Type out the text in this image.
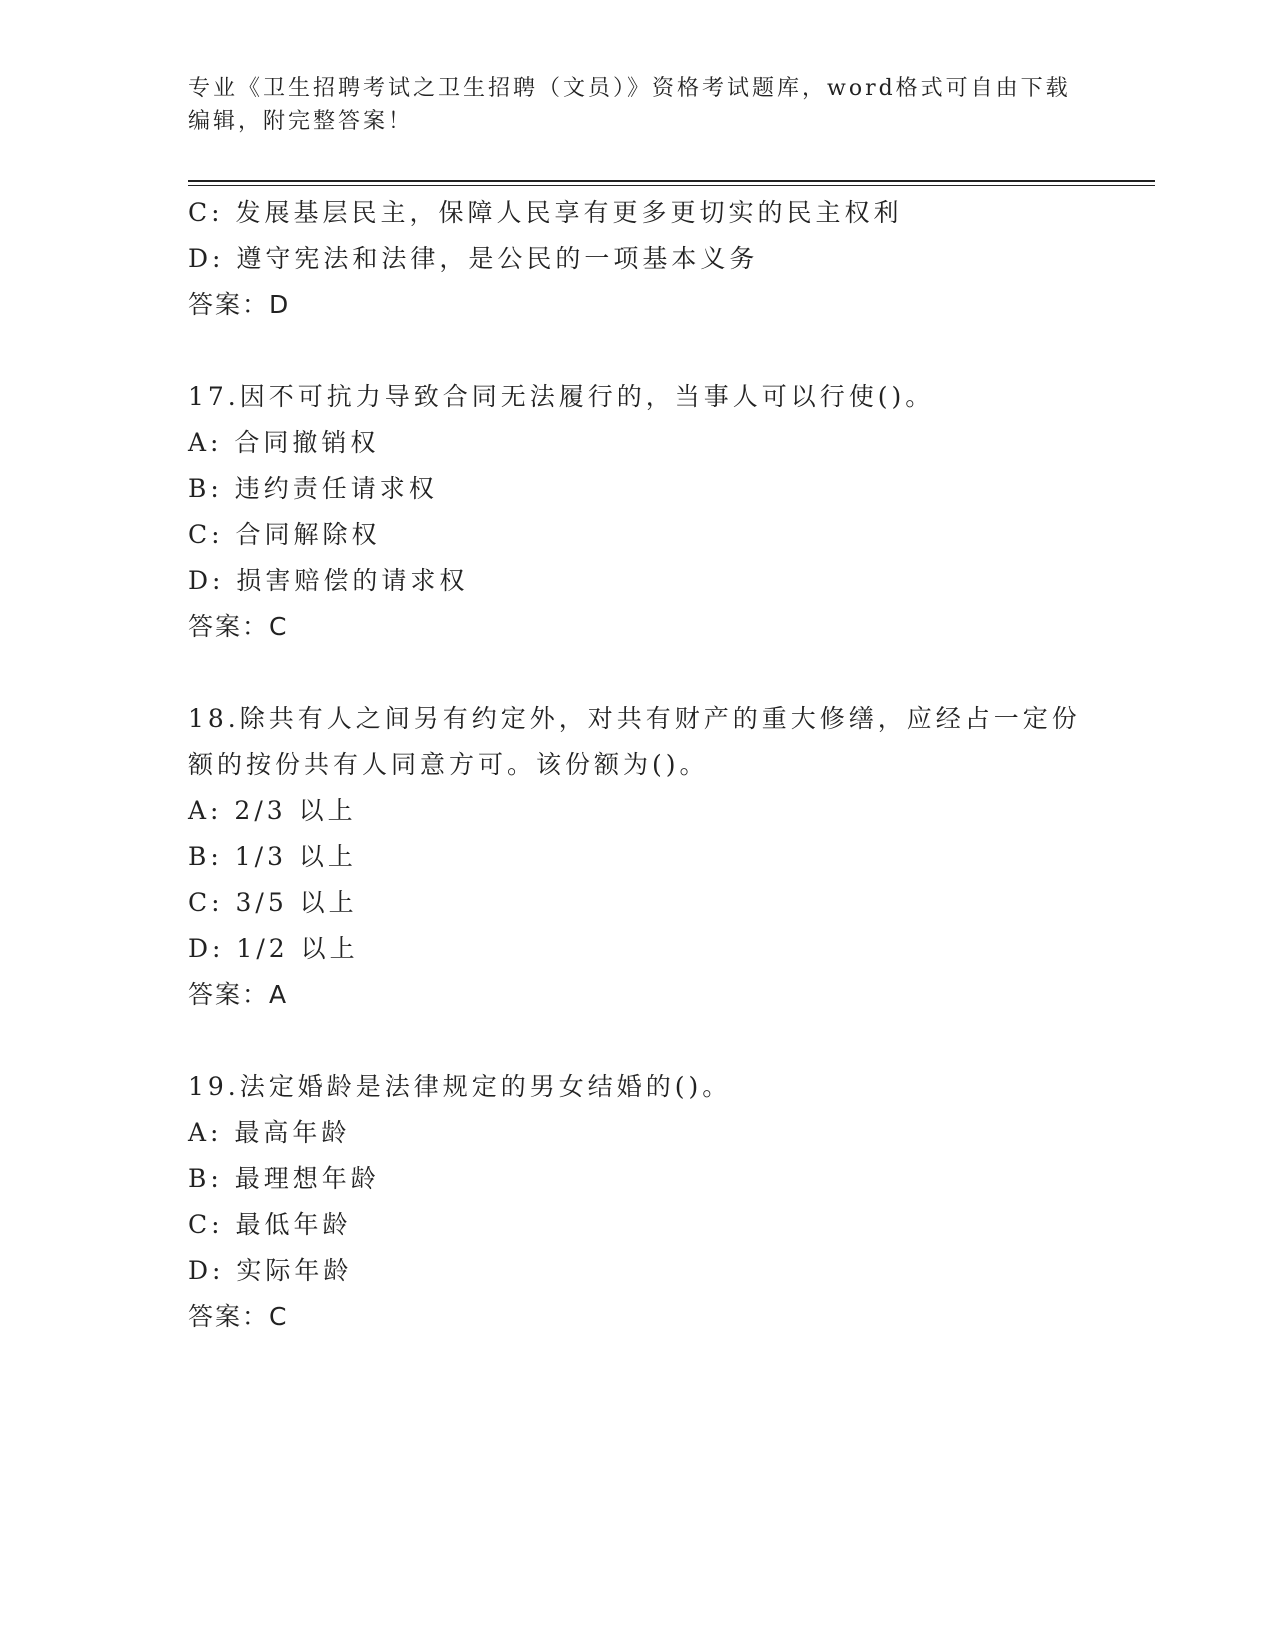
专业《卫生招聘考试之卫生招聘（文员）》资格考试题库，word格式可自由下载
编辑，附完整答案！
C: 发展基层民主，保障人民享有更多更切实的民主权利
D: 遵守宪法和法律，是公民的一项基本义务
答案：D
17.因不可抗力导致合同无法履行的，当事人可以行使()。
A: 合同撤销权
B: 违约责任请求权
C: 合同解除权
D: 损害赔偿的请求权
答案：C
18.除共有人之间另有约定外，对共有财产的重大修缮，应经占一定份
额的按份共有人同意方可。该份额为()。
A: 2/3 以上
B: 1/3 以上
C: 3/5 以上
D: 1/2 以上
答案：A
19.法定婚龄是法律规定的男女结婚的()。
A: 最高年龄
B: 最理想年龄
C: 最低年龄
D: 实际年龄
答案：C
